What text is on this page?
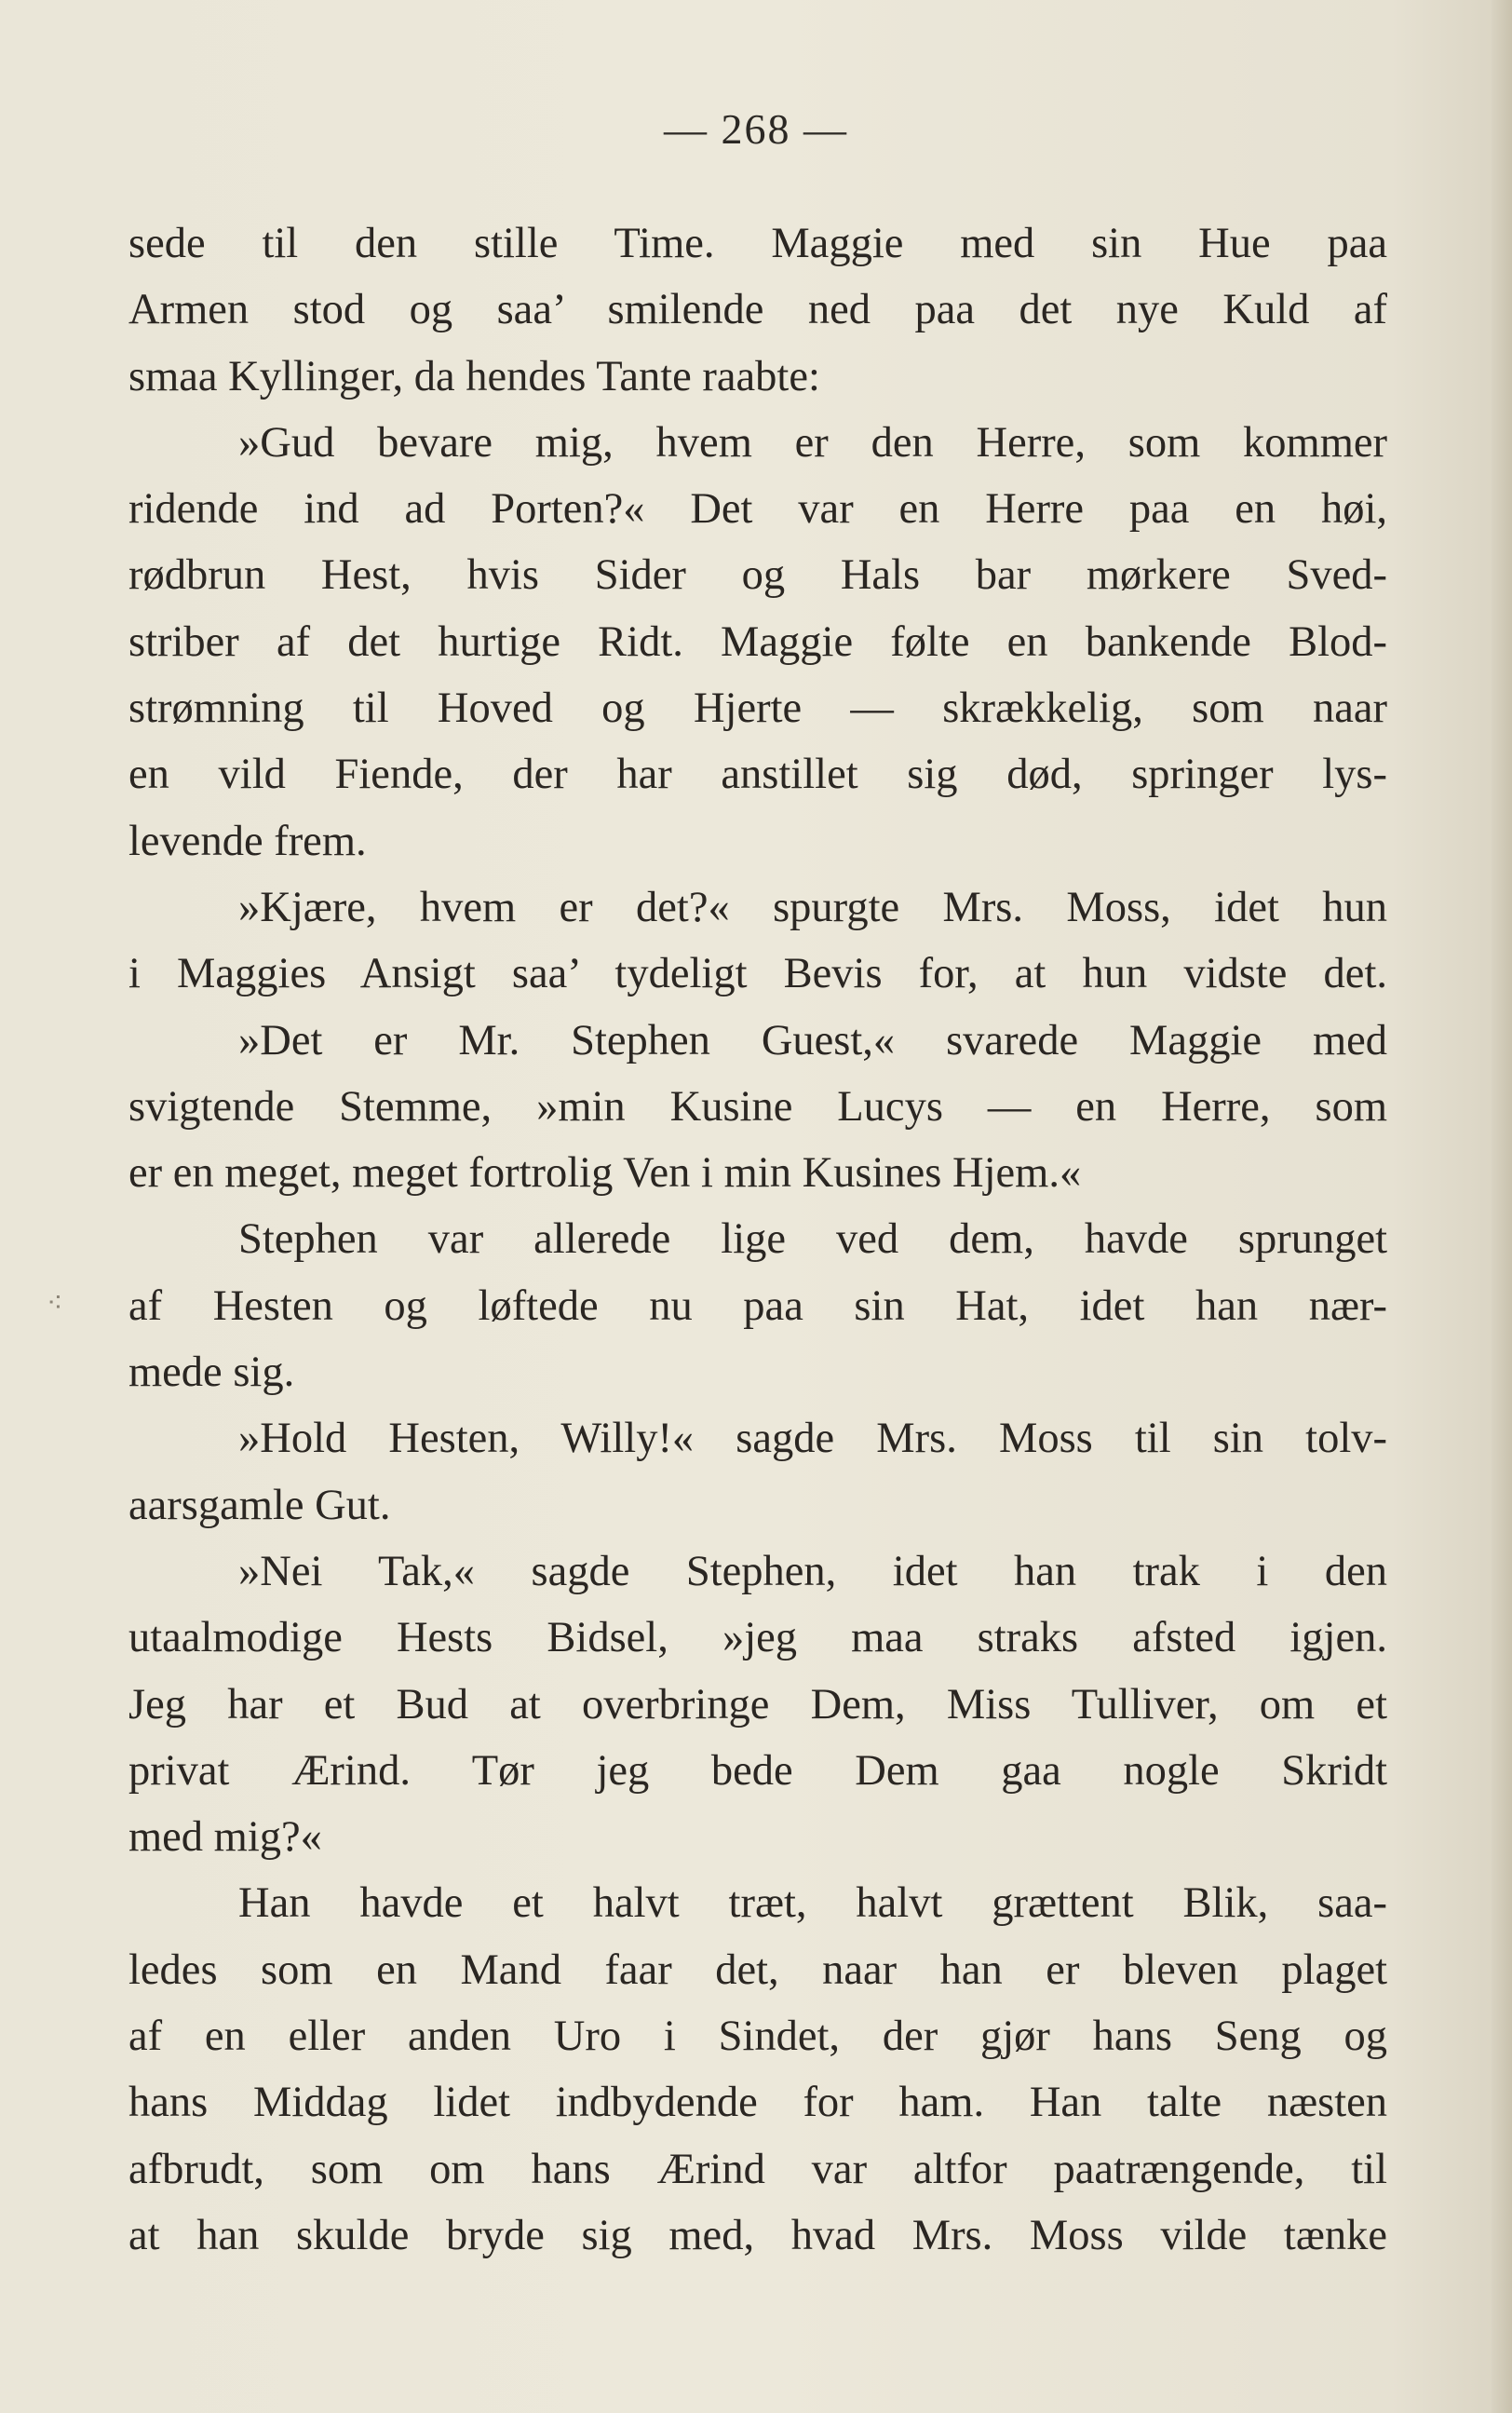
— 268 —
⁖
sede til den stille Time. Maggie med sin Hue paa
Armen stod og saa’ smilende ned paa det nye Kuld af
smaa Kyllinger, da hendes Tante raabte:
»Gud bevare mig, hvem er den Herre, som kommer
ridende ind ad Porten?« Det var en Herre paa en høi,
rødbrun Hest, hvis Sider og Hals bar mørkere Sved-
striber af det hurtige Ridt. Maggie følte en bankende Blod-
strømning til Hoved og Hjerte — skrækkelig, som naar
en vild Fiende, der har anstillet sig død, springer lys-
levende frem.
»Kjære, hvem er det?« spurgte Mrs. Moss, idet hun
i Maggies Ansigt saa’ tydeligt Bevis for, at hun vidste det.
»Det er Mr. Stephen Guest,« svarede Maggie med
svigtende Stemme, »min Kusine Lucys — en Herre, som
er en meget, meget fortrolig Ven i min Kusines Hjem.«
Stephen var allerede lige ved dem, havde sprunget
af Hesten og løftede nu paa sin Hat, idet han nær-
mede sig.
»Hold Hesten, Willy!« sagde Mrs. Moss til sin tolv-
aarsgamle Gut.
»Nei Tak,« sagde Stephen, idet han trak i den
utaalmodige Hests Bidsel, »jeg maa straks afsted igjen.
Jeg har et Bud at overbringe Dem, Miss Tulliver, om et
privat Ærind. Tør jeg bede Dem gaa nogle Skridt
med mig?«
Han havde et halvt træt, halvt grættent Blik, saa-
ledes som en Mand faar det, naar han er bleven plaget
af en eller anden Uro i Sindet, der gjør hans Seng og
hans Middag lidet indbydende for ham. Han talte næsten
afbrudt, som om hans Ærind var altfor paatrængende, til
at han skulde bryde sig med, hvad Mrs. Moss vilde tænke
